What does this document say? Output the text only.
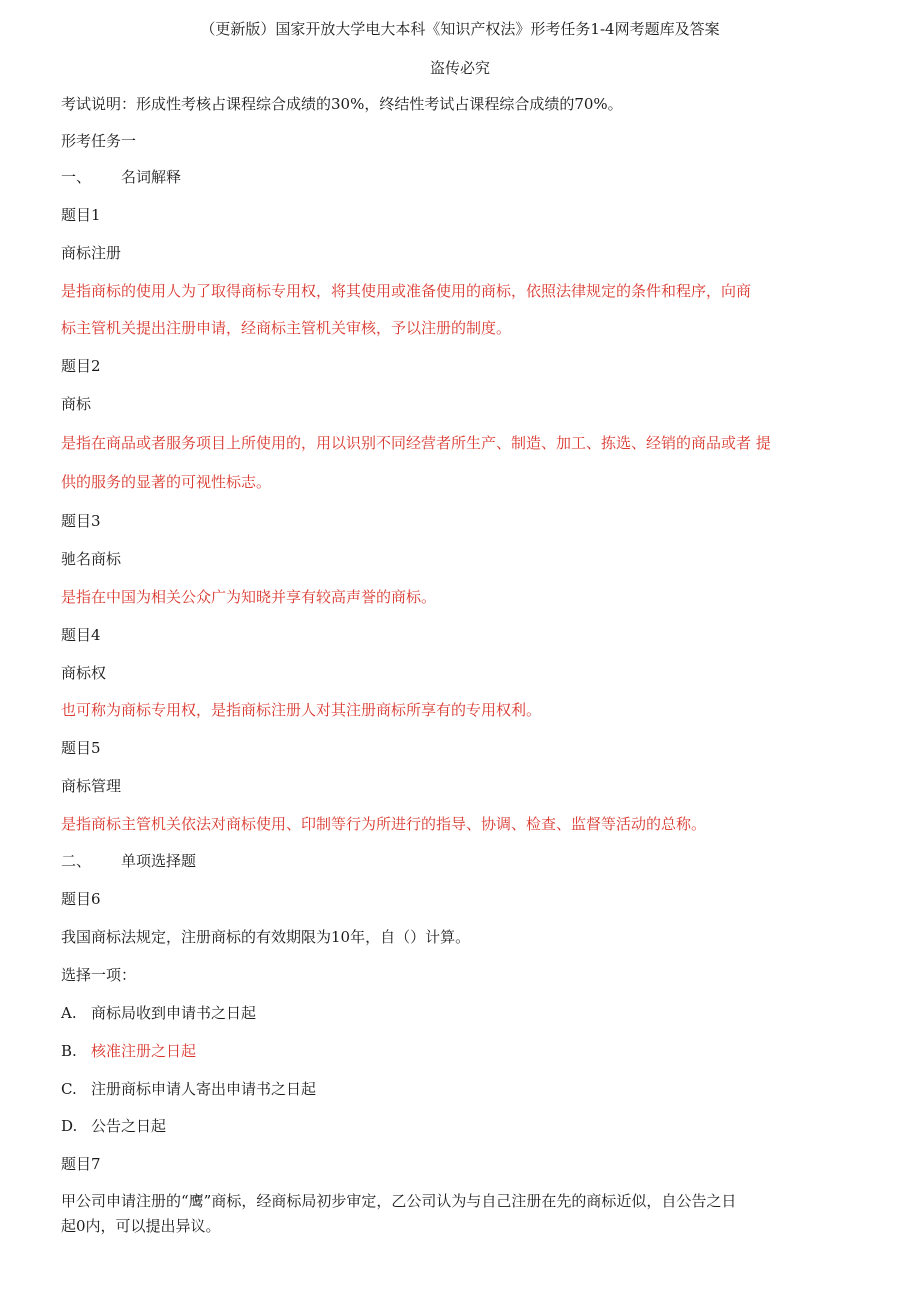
（更新版）国家开放大学电大本科《知识产权法》形考任务1-4网考题库及答案
盗传必究
考试说明：形成性考核占课程综合成绩的30%，终结性考试占课程综合成绩的70%。
形考任务一
一、 名词解释
题目1
商标注册
是指商标的使用人为了取得商标专用权，将其使用或准备使用的商标，依照法律规定的条件和程序，向商
标主管机关提出注册申请，经商标主管机关审核，予以注册的制度。
题目2
商标
是指在商品或者服务项目上所使用的，用以识别不同经营者所生产、制造、加工、拣选、经销的商品或者 提
供的服务的显著的可视性标志。
题目3
驰名商标
是指在中国为相关公众广为知晓并享有较高声誉的商标。
题目4
商标权
也可称为商标专用权，是指商标注册人对其注册商标所享有的专用权利。
题目5
商标管理
是指商标主管机关依法对商标使用、印制等行为所进行的指导、协调、检查、监督等活动的总称。
二、 单项选择题
题目6
我国商标法规定，注册商标的有效期限为10年，自（）计算。
选择一项：
A. 商标局收到申请书之日起
B. 核准注册之日起
C. 注册商标申请人寄出申请书之日起
D. 公告之日起
题目7
甲公司申请注册的“鹰”商标，经商标局初步审定，乙公司认为与自己注册在先的商标近似，自公告之日
起0内，可以提出异议。
